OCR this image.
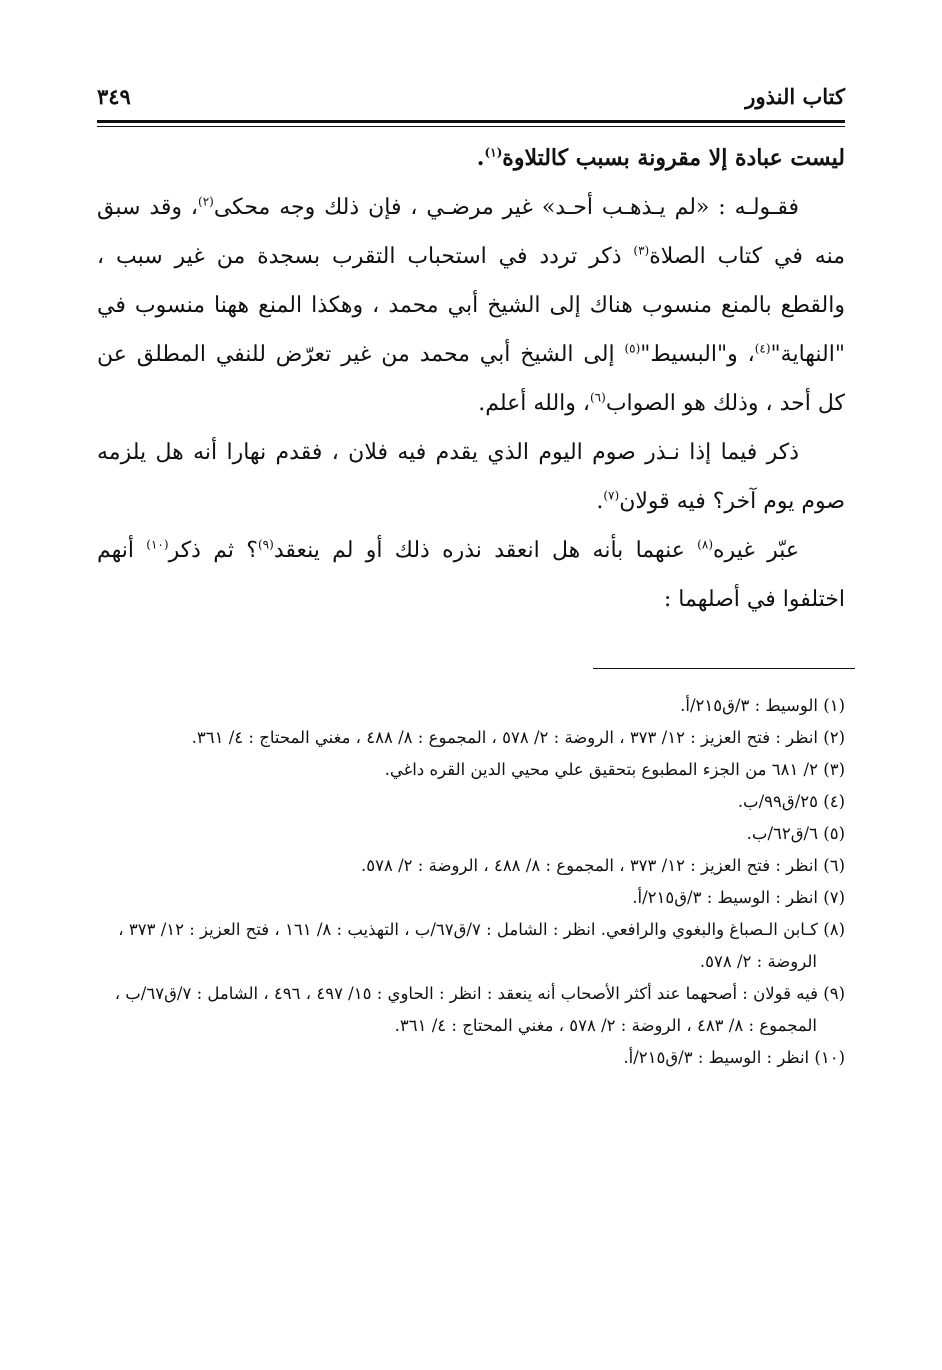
كتاب النذور
٣٤٩

ليست عبادة إلا مقرونة بسبب كالتلاوة$^{(١)}$.

فقـولـه : «لم يـذهـب أحـد» غير مرضـي ، فإن ذلك وجه محكى$^{(٢)}$، وقد سبق منه في كتاب الصلاة$^{(٣)}$ ذكر تردد في استحباب التقرب بسجدة من غير سبب ، والقطع بالمنع منسوب هناك إلى الشيخ أبي محمد ، وهكذا المنع ههنا منسوب في "النهاية"$^{(٤)}$، و"البسيط"$^{(٥)}$ إلى الشيخ أبي محمد من غير تعرّض للنفي المطلق عن كل أحد ، وذلك هو الصواب$^{(٦)}$، والله أعلم.

ذكر فيما إذا نـذر صوم اليوم الذي يقدم فيه فلان ، فقدم نهارا أنه هل يلزمه صوم يوم آخر؟ فيه قولان$^{(٧)}$.

عبّر غيره$^{(٨)}$ عنهما بأنه هل انعقد نذره ذلك أو لم ينعقد$^{(٩)}$؟ ثم ذكر$^{(١٠)}$ أنهم اختلفوا في أصلهما :

(١) الوسيط : ٣/ق٢١٥/أ.

(٢) انظر : فتح العزيز : ١٢/ ٣٧٣ ، الروضة : ٢/ ٥٧٨ ، المجموع : ٨/ ٤٨٨ ، مغني المحتاج : ٤/ ٣٦١.

(٣) ٢/ ٦٨١ من الجزء المطبوع بتحقيق علي محيي الدين القره داغي.

(٤) ٢٥/ق٩٩/ب.

(٥) ٦/ق٦٢/ب.

(٦) انظر : فتح العزيز : ١٢/ ٣٧٣ ، المجموع : ٨/ ٤٨٨ ، الروضة : ٢/ ٥٧٨.

(٧) انظر : الوسيط : ٣/ق٢١٥/أ.

(٨) كـابن الـصباغ والبغوي والرافعي. انظر : الشامل : ٧/ق٦٧/ب ، التهذيب : ٨/ ١٦١ ، فتح العزيز : ١٢/ ٣٧٣ ، الروضة : ٢/ ٥٧٨.

(٩) فيه قولان : أصحهما عند أكثر الأصحاب أنه ينعقد : انظر : الحاوي : ١٥/ ٤٩٧ ، ٤٩٦ ، الشامل : ٧/ق٦٧/ب ، المجموع : ٨/ ٤٨٣ ، الروضة : ٢/ ٥٧٨ ، مغني المحتاج : ٤/ ٣٦١.

(١٠) انظر : الوسيط : ٣/ق٢١٥/أ.
